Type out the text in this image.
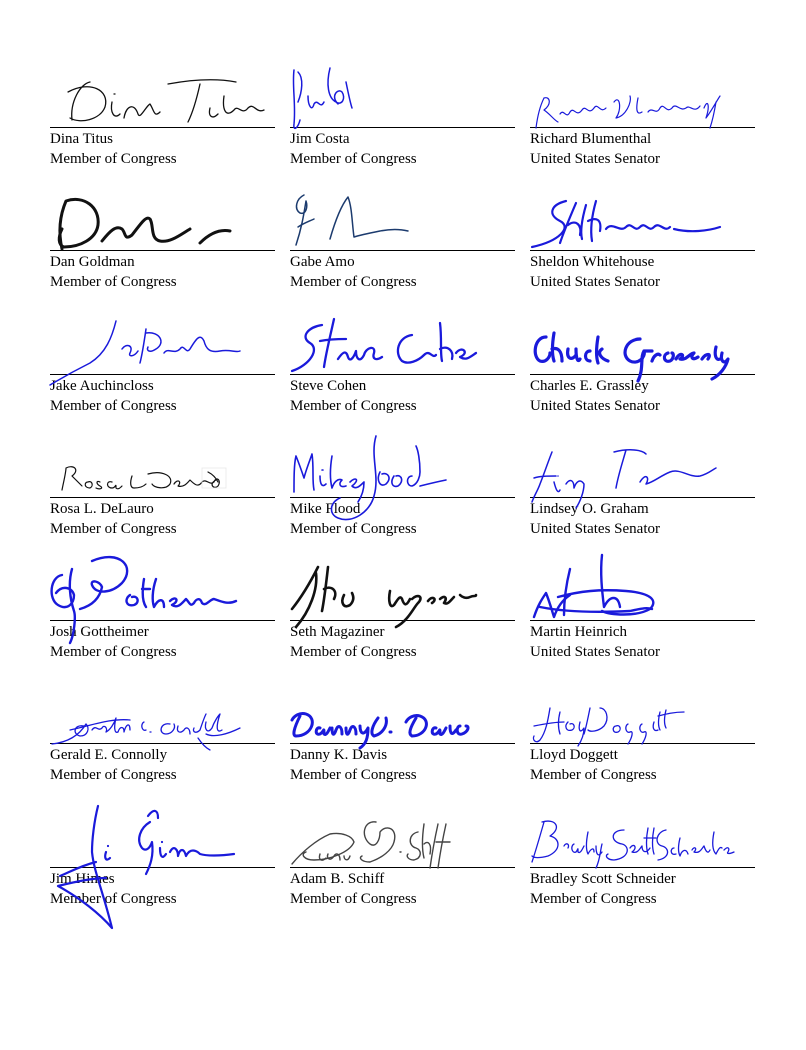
Dina Titus
Member of Congress
Jim Costa
Member of Congress
Richard Blumenthal
United States Senator
Dan Goldman
Member of Congress
Gabe Amo
Member of Congress
Sheldon Whitehouse
United States Senator
Jake Auchincloss
Member of Congress
Steve Cohen
Member of Congress
Charles E. Grassley
United States Senator
Rosa L. DeLauro
Member of Congress
Mike Flood
Member of Congress
Lindsey O. Graham
United States Senator
Josh Gottheimer
Member of Congress
Seth Magaziner
Member of Congress
Martin Heinrich
United States Senator
Gerald E. Connolly
Member of Congress
Danny K. Davis
Member of Congress
Lloyd Doggett
Member of Congress
Jim Himes
Member of Congress
Adam B. Schiff
Member of Congress
Bradley Scott Schneider
Member of Congress
